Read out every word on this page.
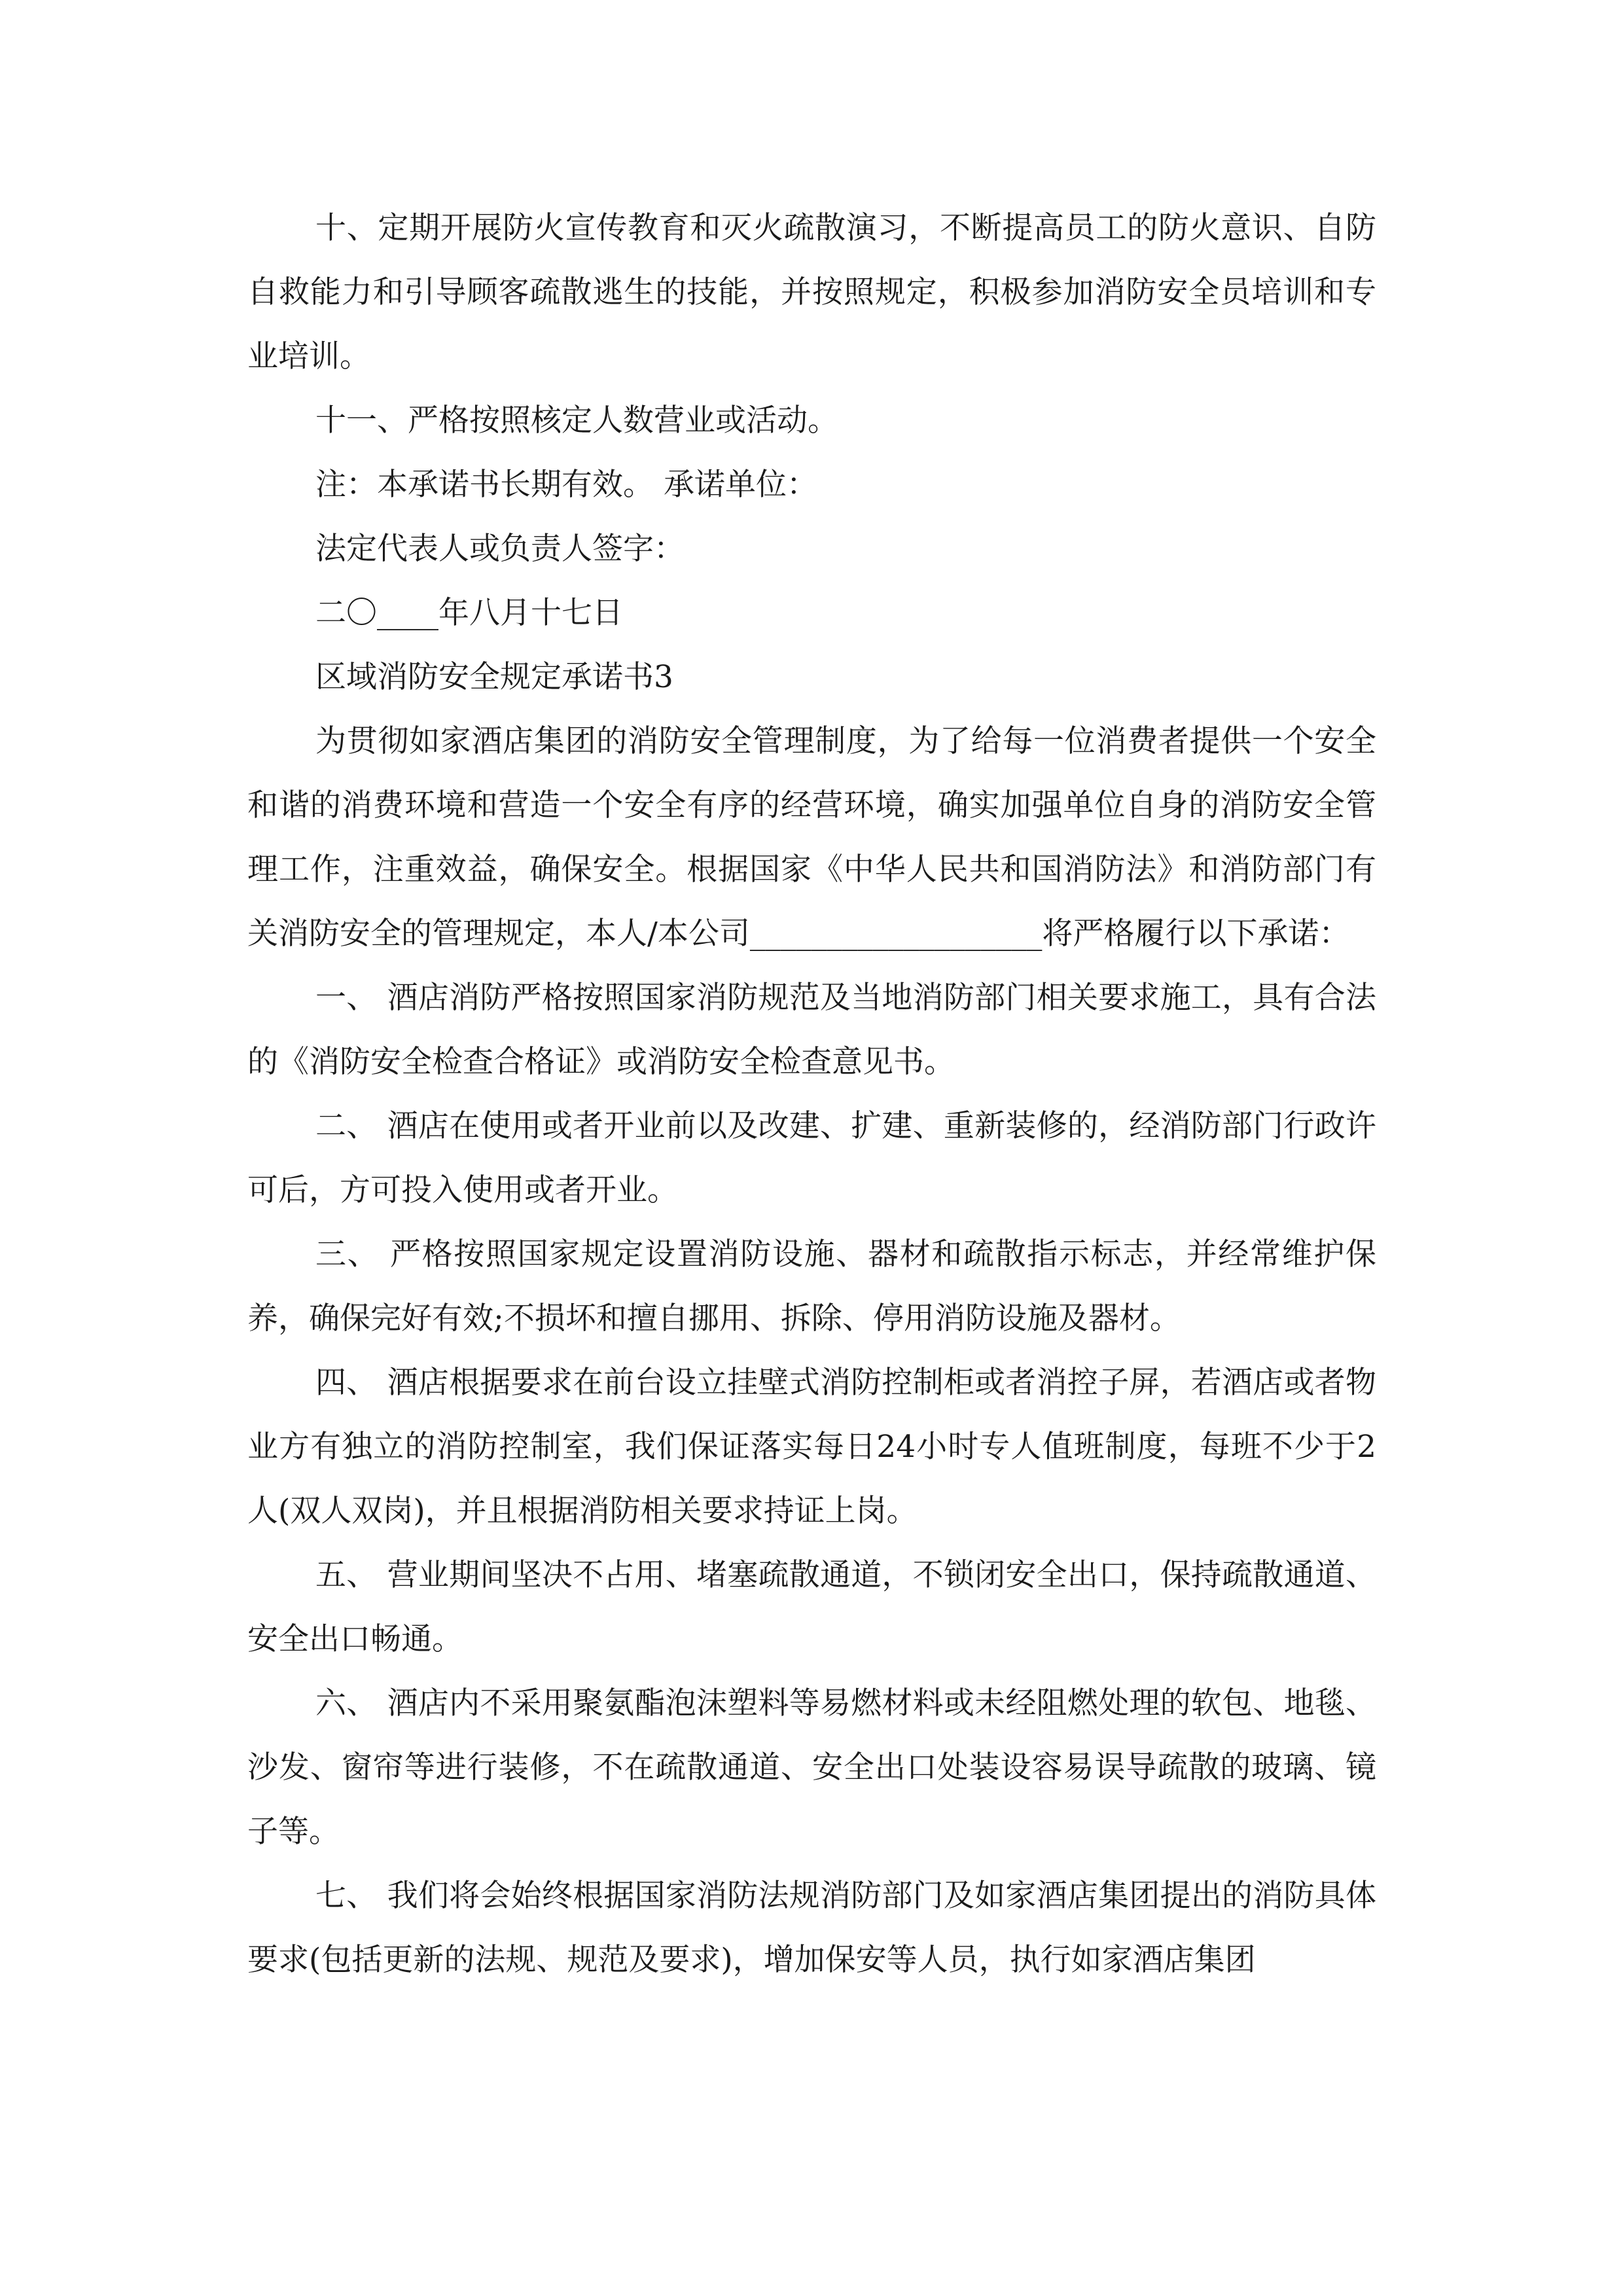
十、定期开展防火宣传教育和灭火疏散演习，不断提高员工的防火意识、自防自救能力和引导顾客疏散逃生的技能，并按照规定，积极参加消防安全员培训和专业培训。

十一、严格按照核定人数营业或活动。

注：本承诺书长期有效。 承诺单位：

法定代表人或负责人签字：

二〇____年八月十七日

区域消防安全规定承诺书3

为贯彻如家酒店集团的消防安全管理制度，为了给每一位消费者提供一个安全和谐的消费环境和营造一个安全有序的经营环境，确实加强单位自身的消防安全管理工作，注重效益，确保安全。根据国家《中华人民共和国消防法》和消防部门有关消防安全的管理规定，本人/本公司___________________将严格履行以下承诺：

一、 酒店消防严格按照国家消防规范及当地消防部门相关要求施工，具有合法的《消防安全检查合格证》或消防安全检查意见书。

二、 酒店在使用或者开业前以及改建、扩建、重新装修的，经消防部门行政许可后，方可投入使用或者开业。

三、 严格按照国家规定设置消防设施、器材和疏散指示标志，并经常维护保养，确保完好有效;不损坏和擅自挪用、拆除、停用消防设施及器材。

四、 酒店根据要求在前台设立挂壁式消防控制柜或者消控子屏，若酒店或者物业方有独立的消防控制室，我们保证落实每日24小时专人值班制度，每班不少于2人(双人双岗)，并且根据消防相关要求持证上岗。

五、 营业期间坚决不占用、堵塞疏散通道，不锁闭安全出口，保持疏散通道、安全出口畅通。

六、 酒店内不采用聚氨酯泡沫塑料等易燃材料或未经阻燃处理的软包、地毯、沙发、窗帘等进行装修，不在疏散通道、安全出口处装设容易误导疏散的玻璃、镜子等。

七、 我们将会始终根据国家消防法规消防部门及如家酒店集团提出的消防具体要求(包括更新的法规、规范及要求)，增加保安等人员，执行如家酒店集团
